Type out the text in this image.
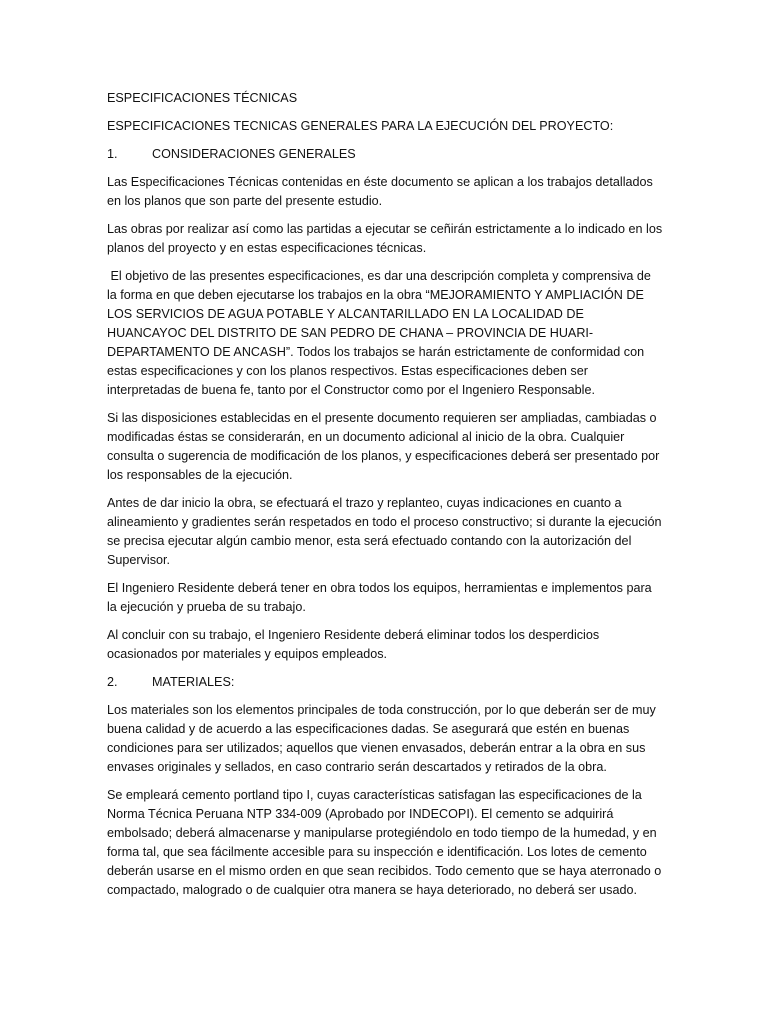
ESPECIFICACIONES TÉCNICAS

ESPECIFICACIONES TECNICAS GENERALES PARA LA EJECUCIÓN DEL PROYECTO:

1.	CONSIDERACIONES GENERALES

Las Especificaciones Técnicas contenidas en éste documento se aplican a los trabajos detallados en los planos que son parte del presente estudio.

Las obras por realizar así como las partidas a ejecutar se ceñirán estrictamente a lo indicado en los planos del proyecto y en estas especificaciones técnicas.

El objetivo de las presentes especificaciones, es dar una descripción completa y comprensiva de la forma en que deben ejecutarse los trabajos en la obra “MEJORAMIENTO Y AMPLIACIÓN DE LOS SERVICIOS DE AGUA POTABLE Y ALCANTARILLADO EN LA LOCALIDAD DE HUANCAYOC DEL DISTRITO DE SAN PEDRO DE CHANA – PROVINCIA DE HUARI- DEPARTAMENTO DE ANCASH”. Todos los trabajos se harán estrictamente de conformidad con estas especificaciones y con los planos respectivos. Estas especificaciones deben ser interpretadas de buena fe, tanto por el Constructor como por el Ingeniero Responsable.

Si las disposiciones establecidas en el presente documento requieren ser ampliadas, cambiadas o modificadas éstas se considerarán, en un documento adicional al inicio de la obra. Cualquier consulta o sugerencia de modificación de los planos, y especificaciones deberá ser presentado por los responsables de la ejecución.

Antes de dar inicio la obra, se efectuará el trazo y replanteo, cuyas indicaciones en cuanto a alineamiento y gradientes serán respetados en todo el proceso constructivo; si durante la ejecución se precisa ejecutar algún cambio menor, esta será efectuado contando con la autorización del Supervisor.

El Ingeniero Residente deberá tener en obra todos los equipos, herramientas e implementos para la ejecución y prueba de su trabajo.

Al concluir con su trabajo, el Ingeniero Residente deberá eliminar todos los desperdicios ocasionados por materiales y equipos empleados.

2.	MATERIALES:

Los materiales son los elementos principales de toda construcción, por lo que deberán ser de muy buena calidad y de acuerdo a las especificaciones dadas. Se asegurará que estén en buenas condiciones para ser utilizados; aquellos que vienen envasados, deberán entrar a la obra en sus envases originales y sellados, en caso contrario serán descartados y retirados de la obra.

Se empleará cemento portland tipo I, cuyas características satisfagan las especificaciones de la Norma Técnica Peruana NTP 334-009 (Aprobado por INDECOPI). El cemento se adquirirá embolsado; deberá almacenarse y manipularse protegiéndolo en todo tiempo de la humedad, y en forma tal, que sea fácilmente accesible para su inspección e identificación. Los lotes de cemento deberán usarse en el mismo orden en que sean recibidos. Todo cemento que se haya aterronado o compactado, malogrado o de cualquier otra manera se haya deteriorado, no deberá ser usado.
